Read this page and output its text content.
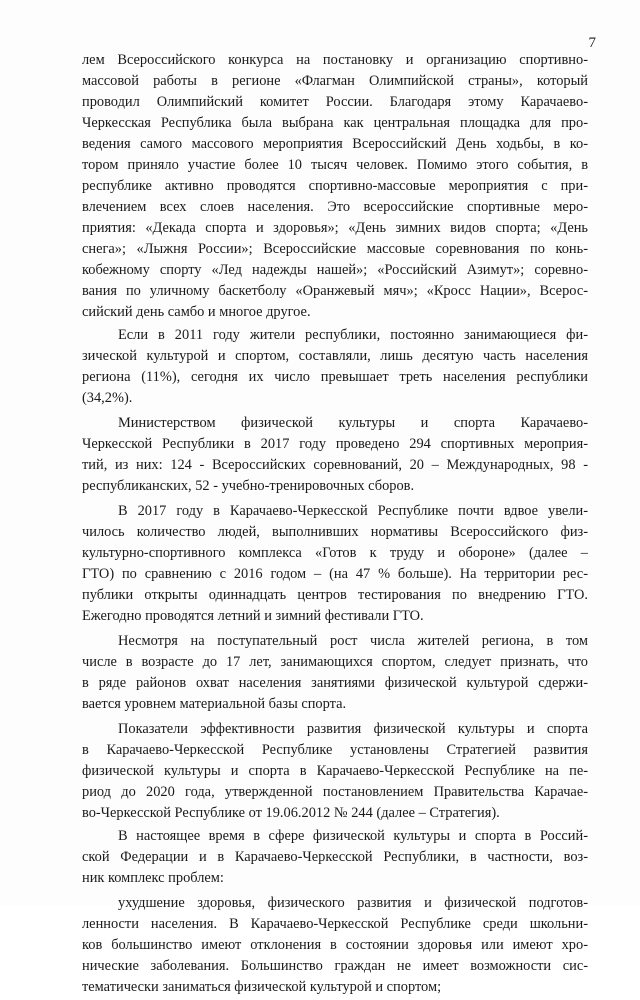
7
лем Всероссийского конкурса на постановку и организацию спортивно-
массовой работы в регионе «Флагман Олимпийской страны», который
проводил Олимпийский комитет России. Благодаря этому Карачаево-
Черкесская Республика была выбрана как центральная площадка для про-
ведения самого массового мероприятия Всероссийский День ходьбы, в ко-
тором приняло участие более 10 тысяч человек. Помимо этого события, в
республике активно проводятся спортивно-массовые мероприятия с при-
влечением всех слоев населения. Это всероссийские спортивные меро-
приятия: «Декада спорта и здоровья»; «День зимних видов спорта; «День
снега»; «Лыжня России»; Всероссийские массовые соревнования по конь-
кобежному спорту «Лед надежды нашей»; «Российский Азимут»; соревно-
вания по уличному баскетболу «Оранжевый мяч»; «Кросс Нации», Всерос-
сийский день самбо и многое другое.
Если в 2011 году жители республики, постоянно занимающиеся фи-
зической культурой и спортом, составляли, лишь десятую часть населения
региона (11%), сегодня их число превышает треть населения республики
(34,2%).
Министерством физической культуры и спорта Карачаево-
Черкесской Республики в 2017 году проведено 294 спортивных мероприя-
тий, из них: 124 - Всероссийских соревнований, 20 – Международных, 98 -
республиканских, 52 - учебно-тренировочных сборов.
В 2017 году в Карачаево-Черкесской Республике почти вдвое увели-
чилось количество людей, выполнивших нормативы Всероссийского физ-
культурно-спортивного комплекса «Готов к труду и обороне» (далее –
ГТО) по сравнению с 2016 годом – (на 47 % больше). На территории рес-
публики открыты одиннадцать центров тестирования по внедрению ГТО.
Ежегодно проводятся летний и зимний фестивали ГТО.
Несмотря на поступательный рост числа жителей региона, в том
числе в возрасте до 17 лет, занимающихся спортом, следует признать, что
в ряде районов охват населения занятиями физической культурой сдержи-
вается уровнем материальной базы спорта.
Показатели эффективности развития физической культуры и спорта
в Карачаево-Черкесской Республике установлены Стратегией развития
физической культуры и спорта в Карачаево-Черкесской Республике на пе-
риод до 2020 года, утвержденной постановлением Правительства Карачае-
во-Черкесской Республике от 19.06.2012 № 244 (далее – Стратегия).
В настоящее время в сфере физической культуры и спорта в Россий-
ской Федерации и в Карачаево-Черкесской Республики, в частности, воз-
ник комплекс проблем:
ухудшение здоровья, физического развития и физической подготов-
ленности населения. В Карачаево-Черкесской Республике среди школьни-
ков большинство имеют отклонения в состоянии здоровья или имеют хро-
нические заболевания. Большинство граждан не имеет возможности сис-
тематически заниматься физической культурой и спортом;
